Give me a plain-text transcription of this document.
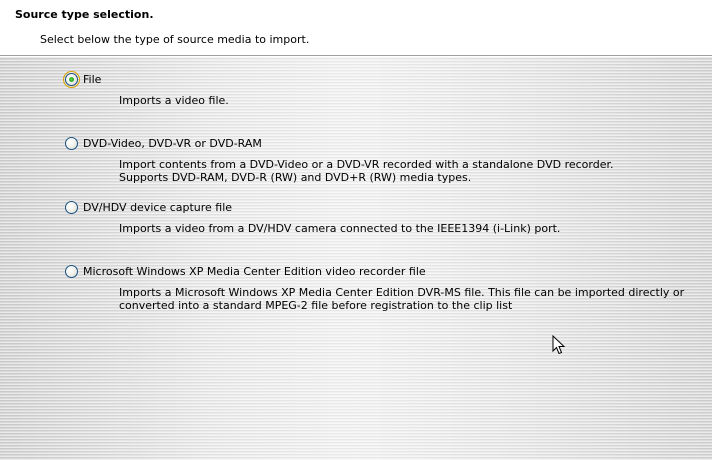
Source type selection.
Select below the type of source media to import.
File
Imports a video file.
DVD-Video, DVD-VR or DVD-RAM
Import contents from a DVD-Video or a DVD-VR recorded with a standalone DVD recorder.
Supports DVD-RAM, DVD-R (RW) and DVD+R (RW) media types.
DV/HDV device capture file
Imports a video from a DV/HDV camera connected to the IEEE1394 (i-Link) port.
Microsoft Windows XP Media Center Edition video recorder file
Imports a Microsoft Windows XP Media Center Edition DVR-MS file. This file can be imported directly or
converted into a standard MPEG-2 file before registration to the clip list
